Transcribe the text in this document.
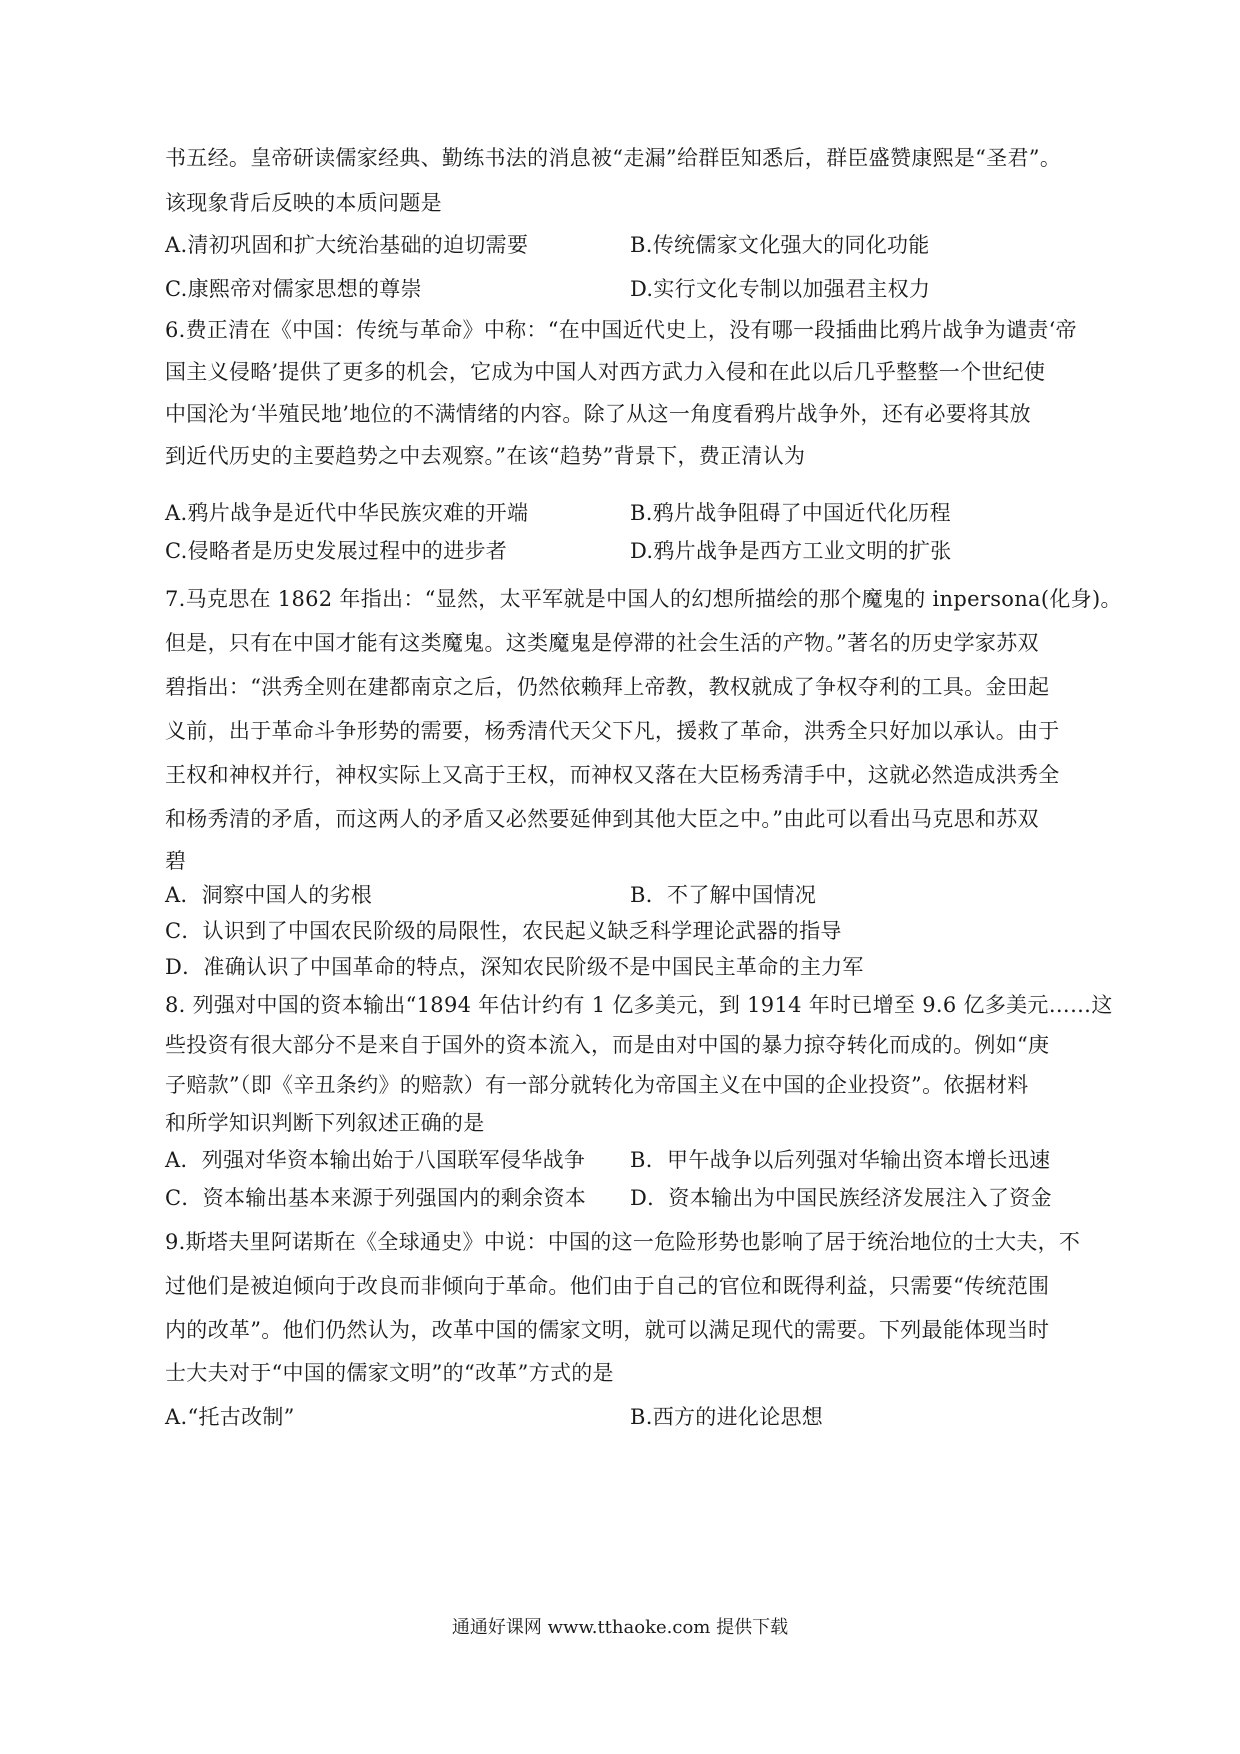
书五经。皇帝研读儒家经典、勤练书法的消息被“走漏”给群臣知悉后，群臣盛赞康熙是“圣君”。
该现象背后反映的本质问题是
A.清初巩固和扩大统治基础的迫切需要	B.传统儒家文化强大的同化功能
C.康熙帝对儒家思想的尊崇	D.实行文化专制以加强君主权力
6.费正清在《中国：传统与革命》中称：“在中国近代史上，没有哪一段插曲比鸦片战争为谴责‘帝
国主义侵略’提供了更多的机会，它成为中国人对西方武力入侵和在此以后几乎整整一个世纪使
中国沦为‘半殖民地’地位的不满情绪的内容。除了从这一角度看鸦片战争外，还有必要将其放
到近代历史的主要趋势之中去观察。”在该“趋势”背景下，费正清认为
A.鸦片战争是近代中华民族灾难的开端	B.鸦片战争阻碍了中国近代化历程
C.侵略者是历史发展过程中的进步者	D.鸦片战争是西方工业文明的扩张
7.马克思在 1862 年指出：“显然，太平军就是中国人的幻想所描绘的那个魔鬼的 inpersona(化身)。
但是，只有在中国才能有这类魔鬼。这类魔鬼是停滞的社会生活的产物。”著名的历史学家苏双
碧指出：“洪秀全则在建都南京之后，仍然依赖拜上帝教，教权就成了争权夺利的工具。金田起
义前，出于革命斗争形势的需要，杨秀清代天父下凡，援救了革命，洪秀全只好加以承认。由于
王权和神权并行，神权实际上又高于王权，而神权又落在大臣杨秀清手中，这就必然造成洪秀全
和杨秀清的矛盾，而这两人的矛盾又必然要延伸到其他大臣之中。”由此可以看出马克思和苏双
碧
A．洞察中国人的劣根	B．不了解中国情况
C．认识到了中国农民阶级的局限性，农民起义缺乏科学理论武器的指导
D．准确认识了中国革命的特点，深知农民阶级不是中国民主革命的主力军
8. 列强对中国的资本输出“1894 年估计约有 1 亿多美元，到 1914 年时已增至 9.6 亿多美元……这
些投资有很大部分不是来自于国外的资本流入，而是由对中国的暴力掠夺转化而成的。例如“庚
子赔款”（即《辛丑条约》的赔款）有一部分就转化为帝国主义在中国的企业投资”。依据材料
和所学知识判断下列叙述正确的是
A．列强对华资本输出始于八国联军侵华战争 B．甲午战争以后列强对华输出资本增长迅速
C．资本输出基本来源于列强国内的剩余资本 D．资本输出为中国民族经济发展注入了资金
9.斯塔夫里阿诺斯在《全球通史》中说：中国的这一危险形势也影响了居于统治地位的士大夫，不
过他们是被迫倾向于改良而非倾向于革命。他们由于自己的官位和既得利益，只需要“传统范围
内的改革”。他们仍然认为，改革中国的儒家文明，就可以满足现代的需要。下列最能体现当时
士大夫对于“中国的儒家文明”的“改革”方式的是
A.“托古改制”	B.西方的进化论思想
通通好课网 www.tthaoke.com 提供下载
